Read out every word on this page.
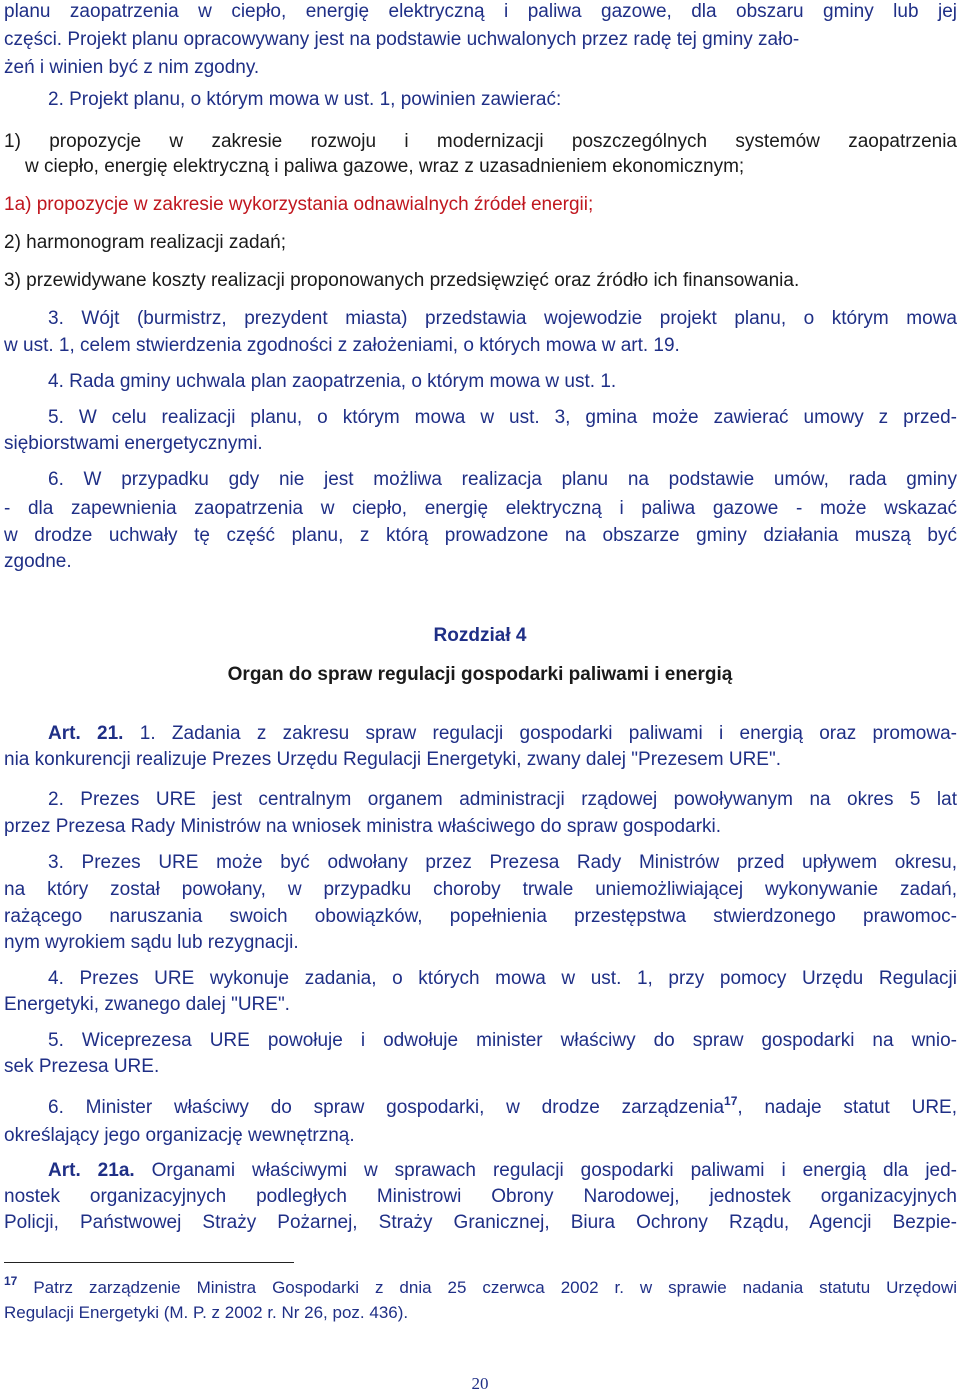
planu zaopatrzenia w ciepło, energię elektryczną i paliwa gazowe, dla obszaru gminy lub jej
części. Projekt planu opracowywany jest na podstawie uchwalonych przez radę tej gminy zało-
żeń i winien być z nim zgodny.
2. Projekt planu, o którym mowa w ust. 1, powinien zawierać:
1) propozycje w zakresie rozwoju i modernizacji poszczególnych systemów zaopatrzenia
w ciepło, energię elektryczną i paliwa gazowe, wraz z uzasadnieniem ekonomicznym;
1a) propozycje w zakresie wykorzystania odnawialnych źródeł energii;
2) harmonogram realizacji zadań;
3) przewidywane koszty realizacji proponowanych przedsięwzięć oraz źródło ich finansowania.
3. Wójt (burmistrz, prezydent miasta) przedstawia wojewodzie projekt planu, o którym mowa
w ust. 1, celem stwierdzenia zgodności z założeniami, o których mowa w art. 19.
4. Rada gminy uchwala plan zaopatrzenia, o którym mowa w ust. 1.
5. W celu realizacji planu, o którym mowa w ust. 3, gmina może zawierać umowy z przed-
siębiorstwami energetycznymi.
6. W przypadku gdy nie jest możliwa realizacja planu na podstawie umów, rada gminy
- dla zapewnienia zaopatrzenia w ciepło, energię elektryczną i paliwa gazowe - może wskazać
w drodze uchwały tę część planu, z którą prowadzone na obszarze gminy działania muszą być
zgodne.
Art. 21. 1. Zadania z zakresu spraw regulacji gospodarki paliwami i energią oraz promowa-
nia konkurencji realizuje Prezes Urzędu Regulacji Energetyki, zwany dalej "Prezesem URE".
2. Prezes URE jest centralnym organem administracji rządowej powoływanym na okres 5 lat
przez Prezesa Rady Ministrów na wniosek ministra właściwego do spraw gospodarki.
3. Prezes URE może być odwołany przez Prezesa Rady Ministrów przed upływem okresu,
na który został powołany, w przypadku choroby trwale uniemożliwiającej wykonywanie zadań,
rażącego naruszania swoich obowiązków, popełnienia przestępstwa stwierdzonego prawomoc-
nym wyrokiem sądu lub rezygnacji.
4. Prezes URE wykonuje zadania, o których mowa w ust. 1, przy pomocy Urzędu Regulacji
Energetyki, zwanego dalej "URE".
5. Wiceprezesa URE powołuje i odwołuje minister właściwy do spraw gospodarki na wnio-
sek Prezesa URE.
6. Minister właściwy do spraw gospodarki, w drodze zarządzenia$^{17}$, nadaje statut URE,
określający jego organizację wewnętrzną.
Art. 21a. Organami właściwymi w sprawach regulacji gospodarki paliwami i energią dla jed-
nostek organizacyjnych podległych Ministrowi Obrony Narodowej, jednostek organizacyjnych
Policji, Państwowej Straży Pożarnej, Straży Granicznej, Biura Ochrony Rządu, Agencji Bezpie-
$^{17}$ Patrz zarządzenie Ministra Gospodarki z dnia 25 czerwca 2002 r. w sprawie nadania statutu Urzędowi
Regulacji Energetyki (M. P. z 2002 r. Nr 26, poz. 436).
Rozdział 4
Organ do spraw regulacji gospodarki paliwami i energią
20
